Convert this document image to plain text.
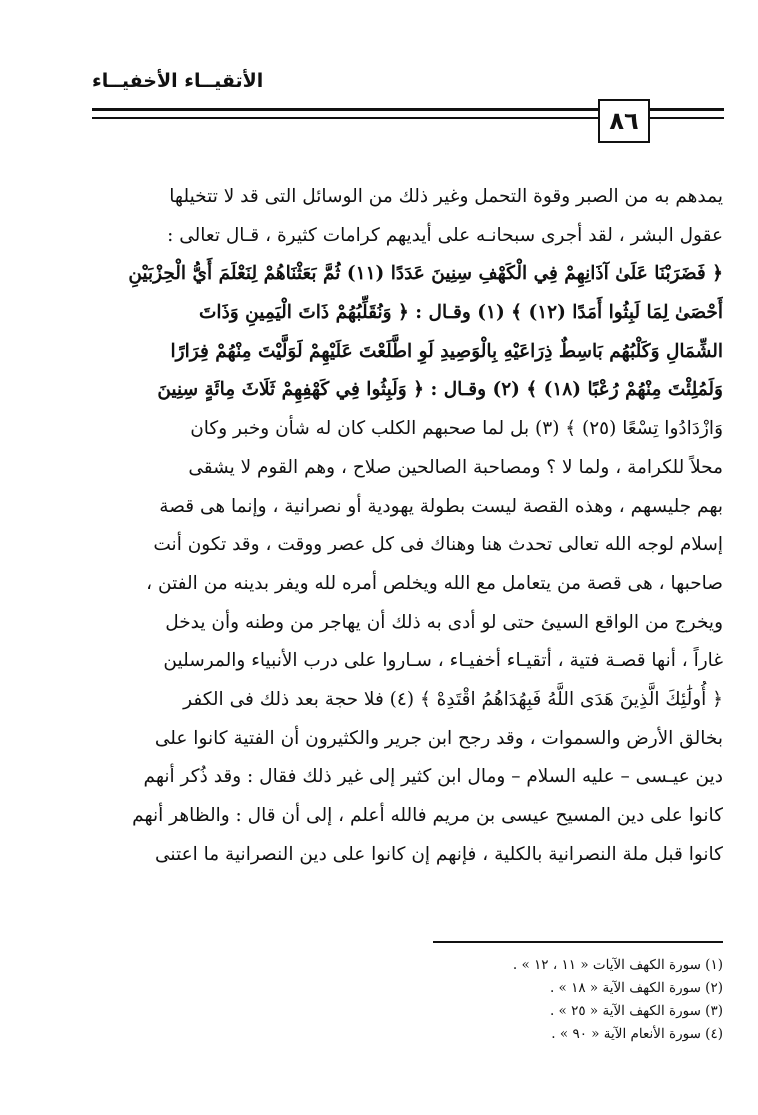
الأتقيــاء الأخفيــاء
٨٦
يمدهم به من الصبر وقوة التحمل وغير ذلك من الوسائل التى قد لا تتخيلها
عقول البشر ، لقد أجرى سبحانـه على أيديهم كرامات كثيرة ، قـال تعالى :
﴿ فَضَرَبْنَا عَلَىٰ آذَانِهِمْ فِي الْكَهْفِ سِنِينَ عَدَدًا (١١) ثُمَّ بَعَثْنَاهُمْ لِنَعْلَمَ أَيُّ الْحِزْبَيْنِ
أَحْصَىٰ لِمَا لَبِثُوا أَمَدًا (١٢) ﴾ (١) وقـال : ﴿ وَنُقَلِّبُهُمْ ذَاتَ الْيَمِينِ وَذَاتَ
الشِّمَالِ وَكَلْبُهُم بَاسِطٌ ذِرَاعَيْهِ بِالْوَصِيدِ لَوِ اطَّلَعْتَ عَلَيْهِمْ لَوَلَّيْتَ مِنْهُمْ فِرَارًا
وَلَمُلِئْتَ مِنْهُمْ رُعْبًا (١٨) ﴾ (٢) وقـال : ﴿ وَلَبِثُوا فِي كَهْفِهِمْ ثَلَاثَ مِائَةٍ سِنِينَ
وَازْدَادُوا تِسْعًا (٢٥) ﴾ (٣) بل لما صحبهم الكلب كان له شأن وخبر وكان
محلاً للكرامة ، ولما لا ؟ ومصاحبة الصالحين صلاح ، وهم القوم لا يشقى
بهم جليسهم ، وهذه القصة ليست بطولة يهودية أو نصرانية ، وإنما هى قصة
إسلام لوجه الله تعالى تحدث هنا وهناك فى كل عصر ووقت ، وقد تكون أنت
صاحبها ، هى قصة من يتعامل مع الله ويخلص أمره لله ويفر بدينه من الفتن ،
ويخرج من الواقع السيئ حتى لو أدى به ذلك أن يهاجر من وطنه وأن يدخل
غاراً ، أنها قصـة فتية ، أتقيـاء أخفيـاء ، سـاروا على درب الأنبياء والمرسلين
﴿ أُولَٰئِكَ الَّذِينَ هَدَى اللَّهُ فَبِهُدَاهُمُ اقْتَدِهْ ﴾ (٤) فلا حجة بعد ذلك فى الكفر
بخالق الأرض والسموات ، وقد رجح ابن جرير والكثيرون أن الفتية كانوا على
دين عيـسى – عليه السلام – ومال ابن كثير إلى غير ذلك فقال : وقد ذُكر أنهم
كانوا على دين المسيح عيسى بن مريم فالله أعلم ، إلى أن قال : والظاهر أنهم
كانوا قبل ملة النصرانية بالكلية ، فإنهم إن كانوا على دين النصرانية ما اعتنى
(١) سورة الكهف الآيات « ١١ ، ١٢ » .
(٢) سورة الكهف الآية « ١٨ » .
(٣) سورة الكهف الآية « ٢٥ » .
(٤) سورة الأنعام الآية « ٩٠ » .
